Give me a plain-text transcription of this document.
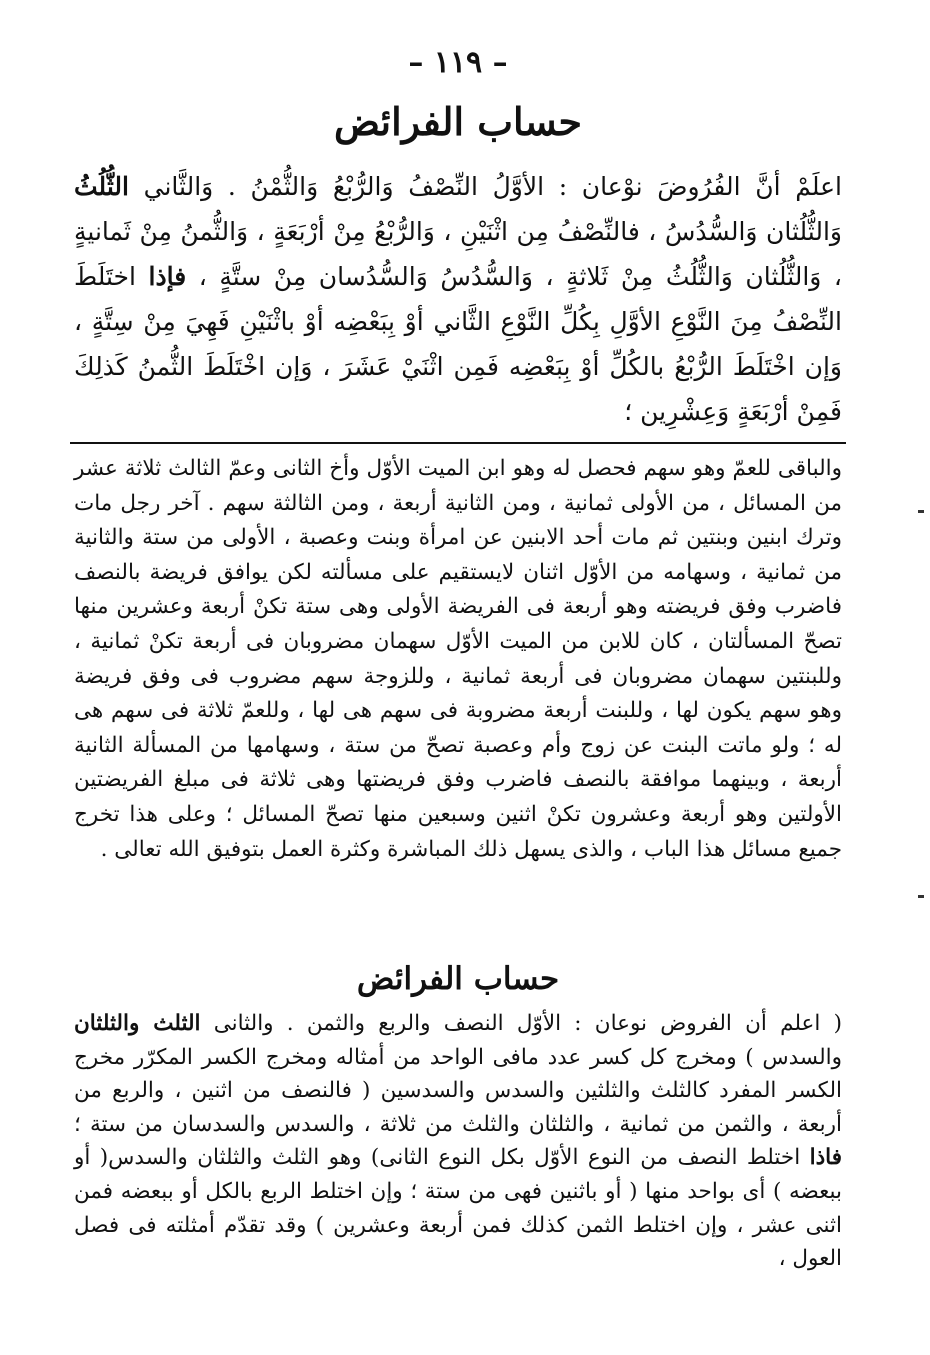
– ١١٩ –
حساب الفرائض

اعلَمْ أنَّ الفُرُوضَ نوْعان : الأوَّلُ النِّصْفُ وَالرُّبْعُ وَالثُّمْنُ . وَالثَّاني الثُّلُثُ وَالثُّلُثان وَالسُّدُسُ ، فالنِّصْفُ مِن اثْنَيْنِ ، وَالرُّبْعُ مِنْ أرْبَعَةٍ ، وَالثُّمنُ مِنْ ثَمانيةٍ ، وَالثُّلُثان وَالثُّلُثُ مِنْ ثَلاثةٍ ، وَالسُّدُسُ وَالسُّدُسان مِنْ ستَّةٍ ، فإذا اختَلَطَ النِّصْفُ مِنَ النَّوْعِ الأوَّلِ بِكُلِّ النَّوْعِ الثَّاني أوْ بِبَعْضِه أوْ باثْنَيْنِ فَهِيَ مِنْ سِتَّةٍ ، وَإن اخْتَلَطَ الرُّبْعُ بالكُلِّ أوْ بِبَعْضِه فَمِن اثْنَيْ عَشَرَ ، وَإن اخْتَلَطَ الثُّمنُ كَذلِكَ فَمِنْ أرْبَعَةٍ وَعِشْرِين ؛

والباقى للعمّ وهو سهم فحصل له وهو ابن الميت الأوّل وأخ الثانى وعمّ الثالث ثلاثة عشر من المسائل ، من الأولى ثمانية ، ومن الثانية أربعة ، ومن الثالثة سهم . آخر رجل مات وترك ابنين وبنتين ثم مات أحد الابنين عن امرأة وبنت وعصبة ، الأولى من ستة والثانية من ثمانية ، وسهامه من الأوّل اثنان لايستقيم على مسألته لكن يوافق فريضة بالنصف فاضرب وفق فريضته وهو أربعة فى الفريضة الأولى وهى ستة تكنْ أربعة وعشرين منها تصحّ المسألتان ، كان للابن من الميت الأوّل سهمان مضروبان فى أربعة تكنْ ثمانية ، وللبنتين سهمان مضروبان فى أربعة ثمانية ، وللزوجة سهم مضروب فى وفق فريضة وهو سهم يكون لها ، وللبنت أربعة مضروبة فى سهم هى لها ، وللعمّ ثلاثة فى سهم هى له ؛ ولو ماتت البنت عن زوج وأم وعصبة تصحّ من ستة ، وسهامها من المسألة الثانية أربعة ، وبينهما موافقة بالنصف فاضرب وفق فريضتها وهى ثلاثة فى مبلغ الفريضتين الأولتين وهو أربعة وعشرون تكنْ اثنين وسبعين منها تصحّ المسائل ؛ وعلى هذا تخرج جميع مسائل هذا الباب ، والذى يسهل ذلك المباشرة وكثرة العمل بتوفيق الله تعالى .

حساب الفرائض

( اعلم أن الفروض نوعان : الأوّل النصف والربع والثمن . والثانى الثلث والثلثان والسدس ) ومخرج كل كسر عدد مافى الواحد من أمثاله ومخرج الكسر المكرّر مخرج الكسر المفرد كالثلث والثلثين والسدس والسدسين ( فالنصف من اثنين ، والربع من أربعة ، والثمن من ثمانية ، والثلثان والثلث من ثلاثة ، والسدس والسدسان من ستة ؛ فاذا اختلط النصف من النوع الأوّل بكل النوع الثانى) وهو الثلث والثلثان والسدس( أو ببعضه ) أى بواحد منها ( أو باثنين فهى من ستة ؛ وإن اختلط الربع بالكل أو ببعضه فمن اثنى عشر ، وإن اختلط الثمن كذلك فمن أربعة وعشرين ) وقد تقدّم أمثلته فى فصل العول ،
